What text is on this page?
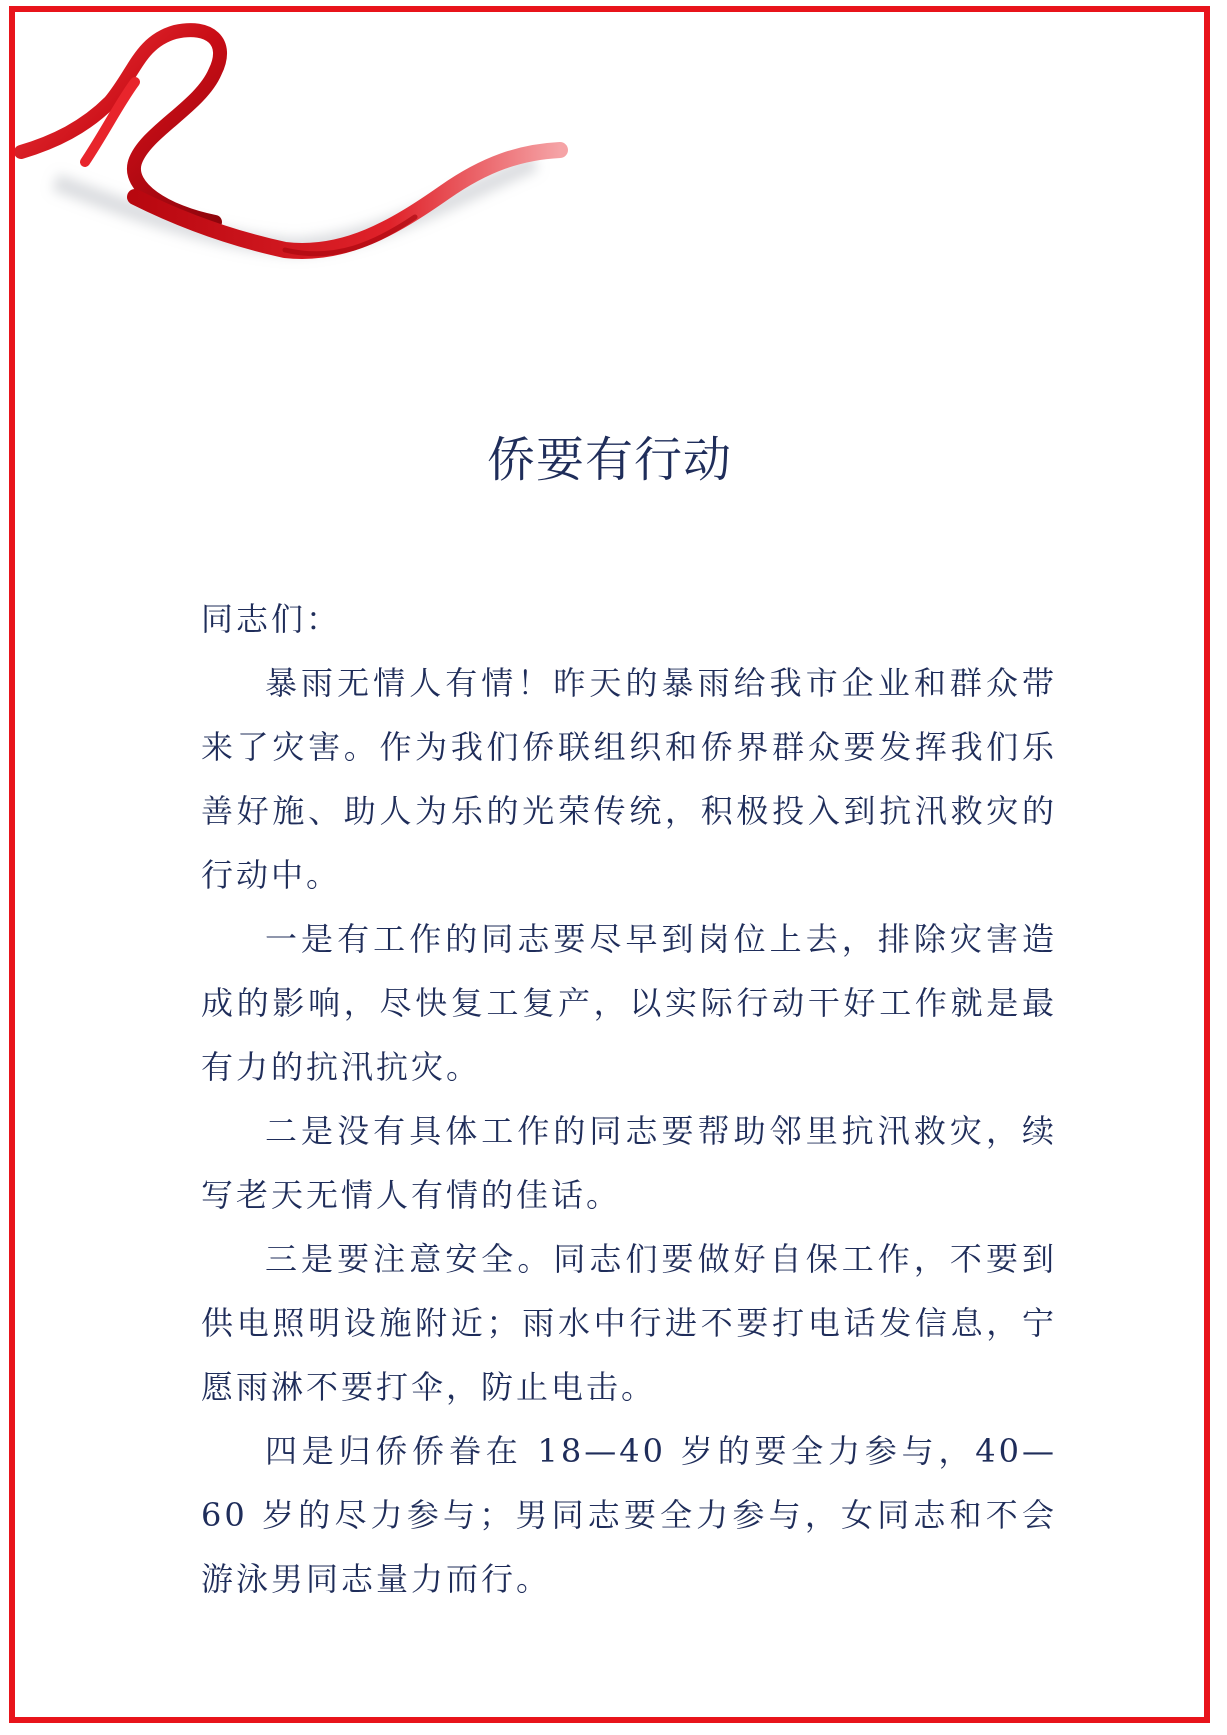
侨要有行动

同志们：

暴雨无情人有情！昨天的暴雨给我市企业和群众带来了灾害。作为我们侨联组织和侨界群众要发挥我们乐善好施、助人为乐的光荣传统，积极投入到抗汛救灾的行动中。

一是有工作的同志要尽早到岗位上去，排除灾害造成的影响，尽快复工复产，以实际行动干好工作就是最有力的抗汛抗灾。

二是没有具体工作的同志要帮助邻里抗汛救灾，续写老天无情人有情的佳话。

三是要注意安全。同志们要做好自保工作，不要到供电照明设施附近；雨水中行进不要打电话发信息，宁愿雨淋不要打伞，防止电击。

四是归侨侨眷在 18—40 岁的要全力参与，40—60 岁的尽力参与；男同志要全力参与，女同志和不会游泳男同志量力而行。
